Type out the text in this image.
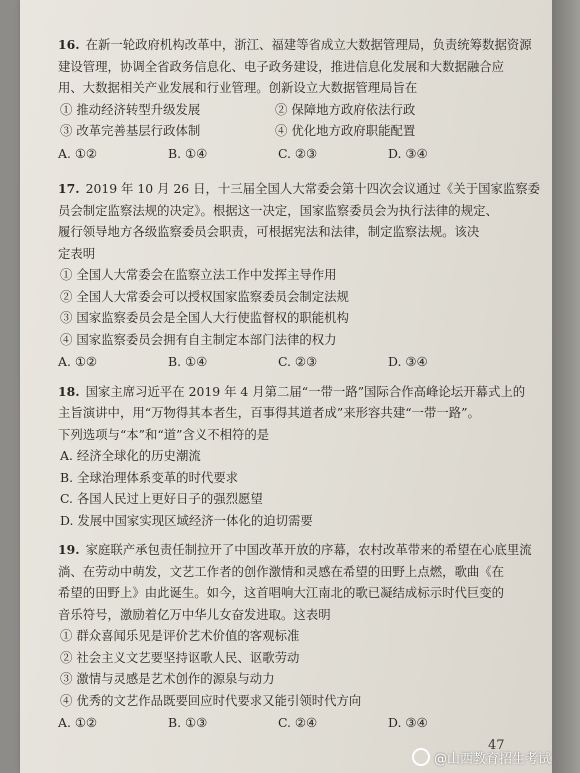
16. 在新一轮政府机构改革中，浙江、福建等省成立大数据管理局，负责统筹数据资源
建设管理，协调全省政务信息化、电子政务建设，推进信息化发展和大数据融合应
用、大数据相关产业发展和行业管理。创新设立大数据管理局旨在
① 推动经济转型升级发展	② 保障地方政府依法行政
③ 改革完善基层行政体制	④ 优化地方政府职能配置
A. ①②	B. ①④	C. ②③	D. ③④
17. 2019 年 10 月 26 日，十三届全国人大常委会第十四次会议通过《关于国家监察委
员会制定监察法规的决定》。根据这一决定，国家监察委员会为执行法律的规定、
履行领导地方各级监察委员会职责，可根据宪法和法律，制定监察法规。该决
定表明
① 全国人大常委会在监察立法工作中发挥主导作用
② 全国人大常委会可以授权国家监察委员会制定法规
③ 国家监察委员会是全国人大行使监督权的职能机构
④ 国家监察委员会拥有自主制定本部门法律的权力
A. ①②	B. ①④	C. ②③	D. ③④
18. 国家主席习近平在 2019 年 4 月第二届“一带一路”国际合作高峰论坛开幕式上的
主旨演讲中，用“万物得其本者生，百事得其道者成”来形容共建“一带一路”。
下列选项与“本”和“道”含义不相符的是
A. 经济全球化的历史潮流
B. 全球治理体系变革的时代要求
C. 各国人民过上更好日子的强烈愿望
D. 发展中国家实现区域经济一体化的迫切需要
19. 家庭联产承包责任制拉开了中国改革开放的序幕，农村改革带来的希望在心底里流
淌、在劳动中萌发，文艺工作者的创作激情和灵感在希望的田野上点燃，歌曲《在
希望的田野上》由此诞生。如今，这首唱响大江南北的歌已凝结成标示时代巨变的
音乐符号，激励着亿万中华儿女奋发进取。这表明
① 群众喜闻乐见是评价艺术价值的客观标准
② 社会主义文艺要坚持讴歌人民、讴歌劳动
③ 激情与灵感是艺术创作的源泉与动力
④ 优秀的文艺作品既要回应时代要求又能引领时代方向
A. ①②	B. ①③	C. ②④	D. ③④
47
@山西教育招生考试
